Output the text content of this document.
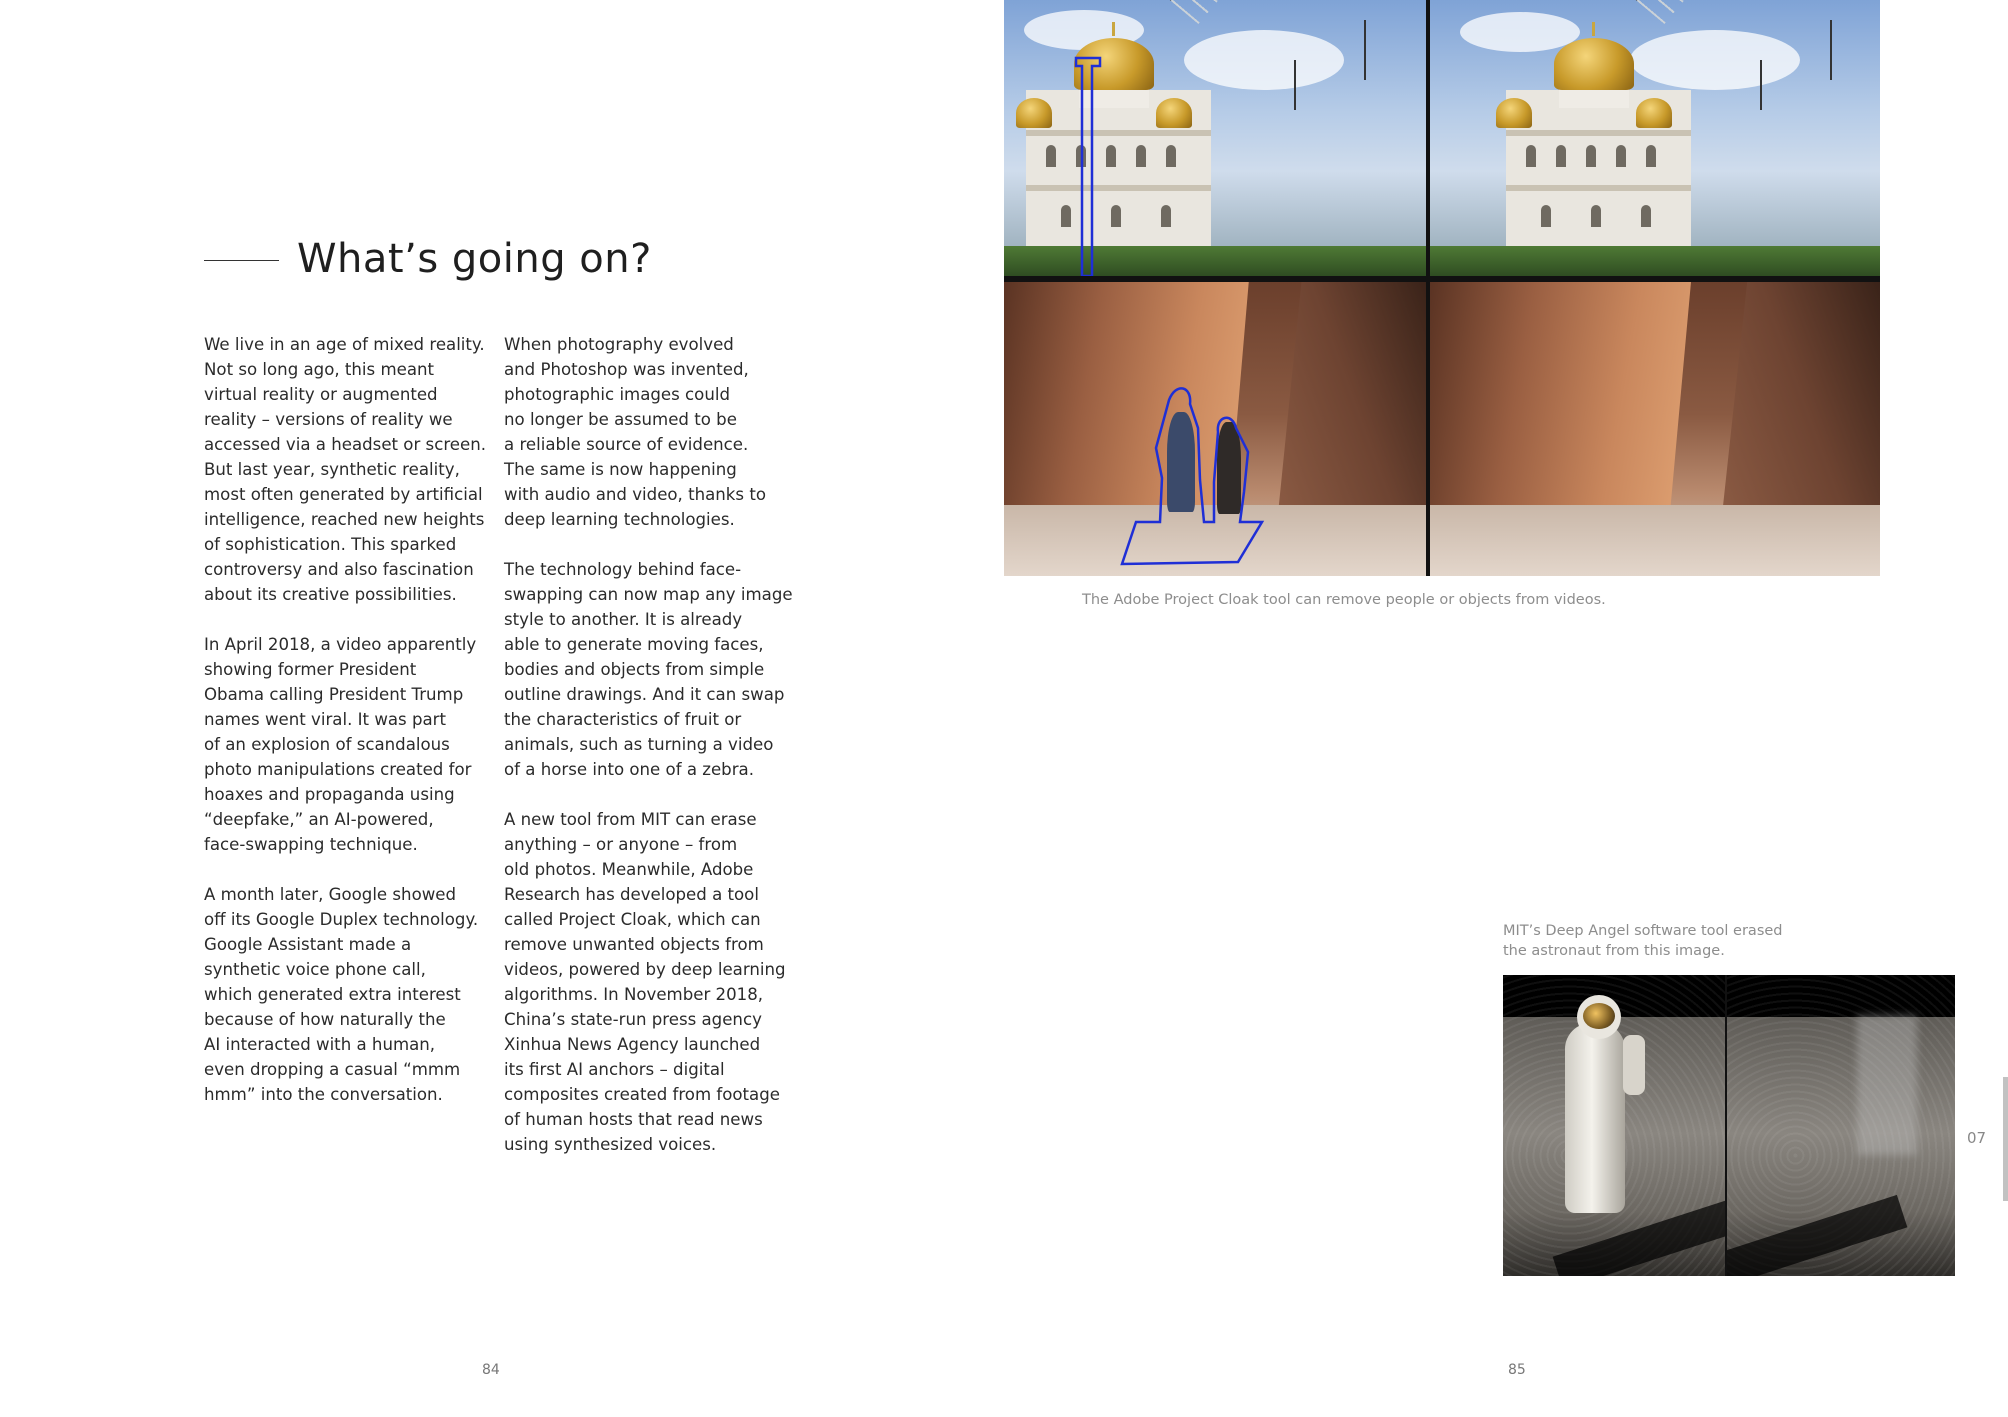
What’s going on?
We live in an age of mixed reality.
Not so long ago, this meant
virtual reality or augmented
reality – versions of reality we
accessed via a headset or screen.
But last year, synthetic reality,
most often generated by artificial
intelligence, reached new heights
of sophistication. This sparked
controversy and also fascination
about its creative possibilities.
In April 2018, a video apparently
showing former President
Obama calling President Trump
names went viral. It was part
of an explosion of scandalous
photo manipulations created for
hoaxes and propaganda using
“deepfake,” an AI-powered,
face-swapping technique.
A month later, Google showed
off its Google Duplex technology.
Google Assistant made a
synthetic voice phone call,
which generated extra interest
because of how naturally the
AI interacted with a human,
even dropping a casual “mmm
hmm” into the conversation.
When photography evolved
and Photoshop was invented,
photographic images could
no longer be assumed to be
a reliable source of evidence.
The same is now happening
with audio and video, thanks to
deep learning technologies.
The technology behind face-
swapping can now map any image
style to another. It is already
able to generate moving faces,
bodies and objects from simple
outline drawings. And it can swap
the characteristics of fruit or
animals, such as turning a video
of a horse into one of a zebra.
A new tool from MIT can erase
anything – or anyone – from
old photos. Meanwhile, Adobe
Research has developed a tool
called Project Cloak, which can
remove unwanted objects from
videos, powered by deep learning
algorithms. In November 2018,
China’s state-run press agency
Xinhua News Agency launched
its first AI anchors – digital
composites created from footage
of human hosts that read news
using synthesized voices.
The Adobe Project Cloak tool can remove people or objects from videos.
MIT’s Deep Angel software tool erased
the astronaut from this image.
84	85
07
